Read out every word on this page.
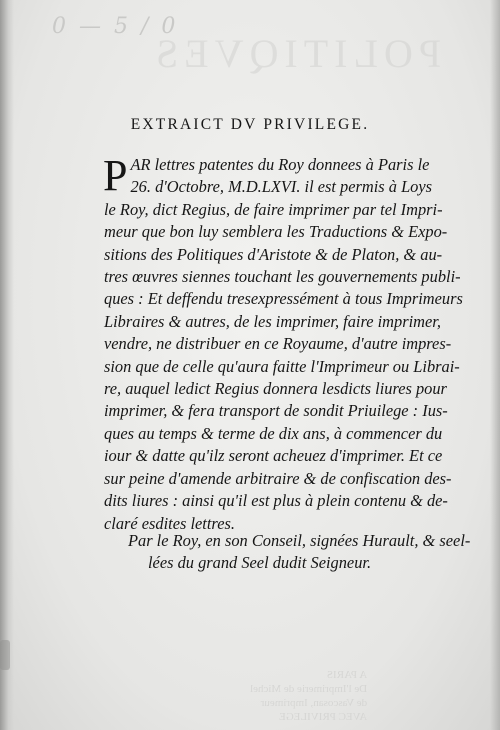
0 — 5 / 0
POLITIQVES
A PARIS
De l'Imprimerie de Michel
de Vascosan, Imprimeur
AVEC PRIVILEGE
EXTRAICT DV PRIVILEGE.
P AR lettres patentes du Roy donnees à Paris le
26. d'Octobre, M.D.LXVI. il est permis à Loys
le Roy, dict Regius, de faire imprimer par tel Impri-
meur que bon luy semblera les Traductions & Expo-
sitions des Politiques d'Aristote & de Platon, & au-
tres œuvres siennes touchant les gouvernements publi-
ques : Et deffendu tresexpressément à tous Imprimeurs
Libraires & autres, de les imprimer, faire imprimer,
vendre, ne distribuer en ce Royaume, d'autre impres-
sion que de celle qu'aura faitte l'Imprimeur ou Librai-
re, auquel ledict Regius donnera lesdicts liures pour
imprimer, & fera transport de sondit Priuilege : Ius-
ques au temps & terme de dix ans, à commencer du
iour & datte qu'ilz seront acheuez d'imprimer. Et ce
sur peine d'amende arbitraire & de confiscation des-
dits liures : ainsi qu'il est plus à plein contenu & de-
claré esdites lettres.
Par le Roy, en son Conseil, signées Hurault, & seel-
lées du grand Seel dudit Seigneur.
